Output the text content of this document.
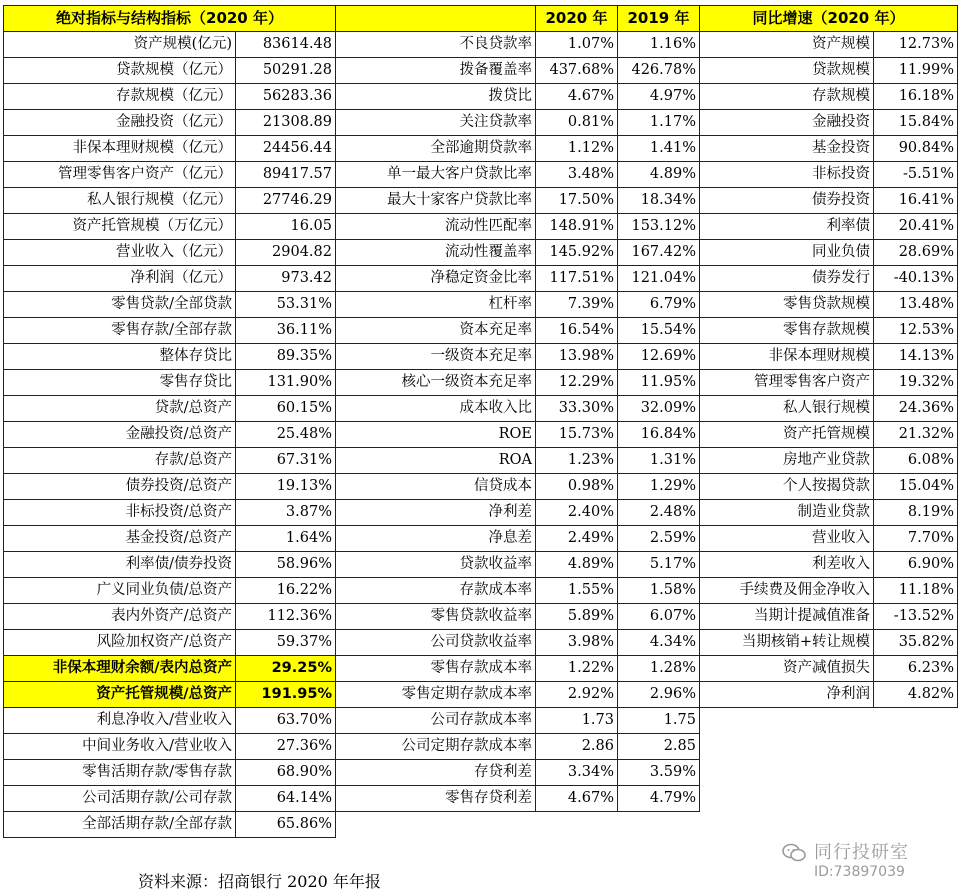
绝对指标与结构指标（2020 年）			2020 年	2019 年	同比增速（2020 年）	
资产规模(亿元)	83614.48	不良贷款率	1.07%	1.16%	资产规模	12.73%
贷款规模（亿元）	50291.28	拨备覆盖率	437.68%	426.78%	贷款规模	11.99%
存款规模（亿元）	56283.36	拨贷比	4.67%	4.97%	存款规模	16.18%
金融投资（亿元）	21308.89	关注贷款率	0.81%	1.17%	金融投资	15.84%
非保本理财规模（亿元）	24456.44	全部逾期贷款率	1.12%	1.41%	基金投资	90.84%
管理零售客户资产（亿元）	89417.57	单一最大客户贷款比率	3.48%	4.89%	非标投资	-5.51%
私人银行规模（亿元）	27746.29	最大十家客户贷款比率	17.50%	18.34%	债券投资	16.41%
资产托管规模（万亿元）	16.05	流动性匹配率	148.91%	153.12%	利率债	20.41%
营业收入（亿元）	2904.82	流动性覆盖率	145.92%	167.42%	同业负债	28.69%
净利润（亿元）	973.42	净稳定资金比率	117.51%	121.04%	债券发行	-40.13%
零售贷款/全部贷款	53.31%	杠杆率	7.39%	6.79%	零售贷款规模	13.48%
零售存款/全部存款	36.11%	资本充足率	16.54%	15.54%	零售存款规模	12.53%
整体存贷比	89.35%	一级资本充足率	13.98%	12.69%	非保本理财规模	14.13%
零售存贷比	131.90%	核心一级资本充足率	12.29%	11.95%	管理零售客户资产	19.32%
贷款/总资产	60.15%	成本收入比	33.30%	32.09%	私人银行规模	24.36%
金融投资/总资产	25.48%	ROE	15.73%	16.84%	资产托管规模	21.32%
存款/总资产	67.31%	ROA	1.23%	1.31%	房地产业贷款	6.08%
债券投资/总资产	19.13%	信贷成本	0.98%	1.29%	个人按揭贷款	15.04%
非标投资/总资产	3.87%	净利差	2.40%	2.48%	制造业贷款	8.19%
基金投资/总资产	1.64%	净息差	2.49%	2.59%	营业收入	7.70%
利率债/债券投资	58.96%	贷款收益率	4.89%	5.17%	利差收入	6.90%
广义同业负债/总资产	16.22%	存款成本率	1.55%	1.58%	手续费及佣金净收入	11.18%
表内外资产/总资产	112.36%	零售贷款收益率	5.89%	6.07%	当期计提减值准备	-13.52%
风险加权资产/总资产	59.37%	公司贷款收益率	3.98%	4.34%	当期核销+转让规模	35.82%
非保本理财余额/表内总资产	29.25%	零售存款成本率	1.22%	1.28%	资产减值损失	6.23%
资产托管规模/总资产	191.95%	零售定期存款成本率	2.92%	2.96%	净利润	4.82%
利息净收入/营业收入	63.70%	公司存款成本率	1.73	1.75		
中间业务收入/营业收入	27.36%	公司定期存款成本率	2.86	2.85		
零售活期存款/零售存款	68.90%	存贷利差	3.34%	3.59%		
公司活期存款/公司存款	64.14%	零售存贷利差	4.67%	4.79%		
全部活期存款/全部存款	65.86%					
资料来源：招商银行 2020 年年报
同行投研室
ID:73897039
